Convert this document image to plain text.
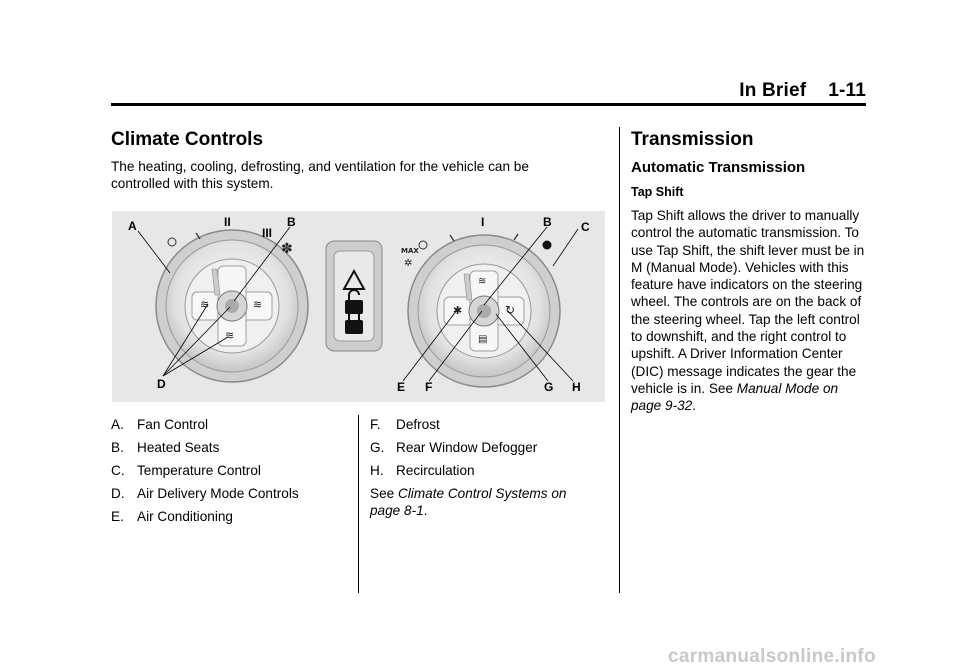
In Brief 1-11
Climate Controls

The heating, cooling, defrosting, and ventilation for the vehicle can be controlled with this system.

≋	≋
≋
II
III
✽
✱	↻
≋
▤
MAX
✲
I
A	B
D
B C
E F	G H

A. Fan Control

B. Heated Seats

C. Temperature Control

D. Air Delivery Mode Controls

E. Air Conditioning

F. Defrost

G. Rear Window Defogger

H. Recirculation

See Climate Control Systems on
page 8-1.

Transmission
Automatic Transmission
Tap Shift

Tap Shift allows the driver to manually control the automatic transmission. To use Tap Shift, the shift lever must be in M (Manual Mode). Vehicles with this feature have indicators on the steering wheel. The controls are on the back of the steering wheel. Tap the left control to downshift, and the right control to upshift. A Driver Information Center (DIC) message indicates the gear the vehicle is in. See Manual Mode on page 9-32.

carmanualsonline.info
